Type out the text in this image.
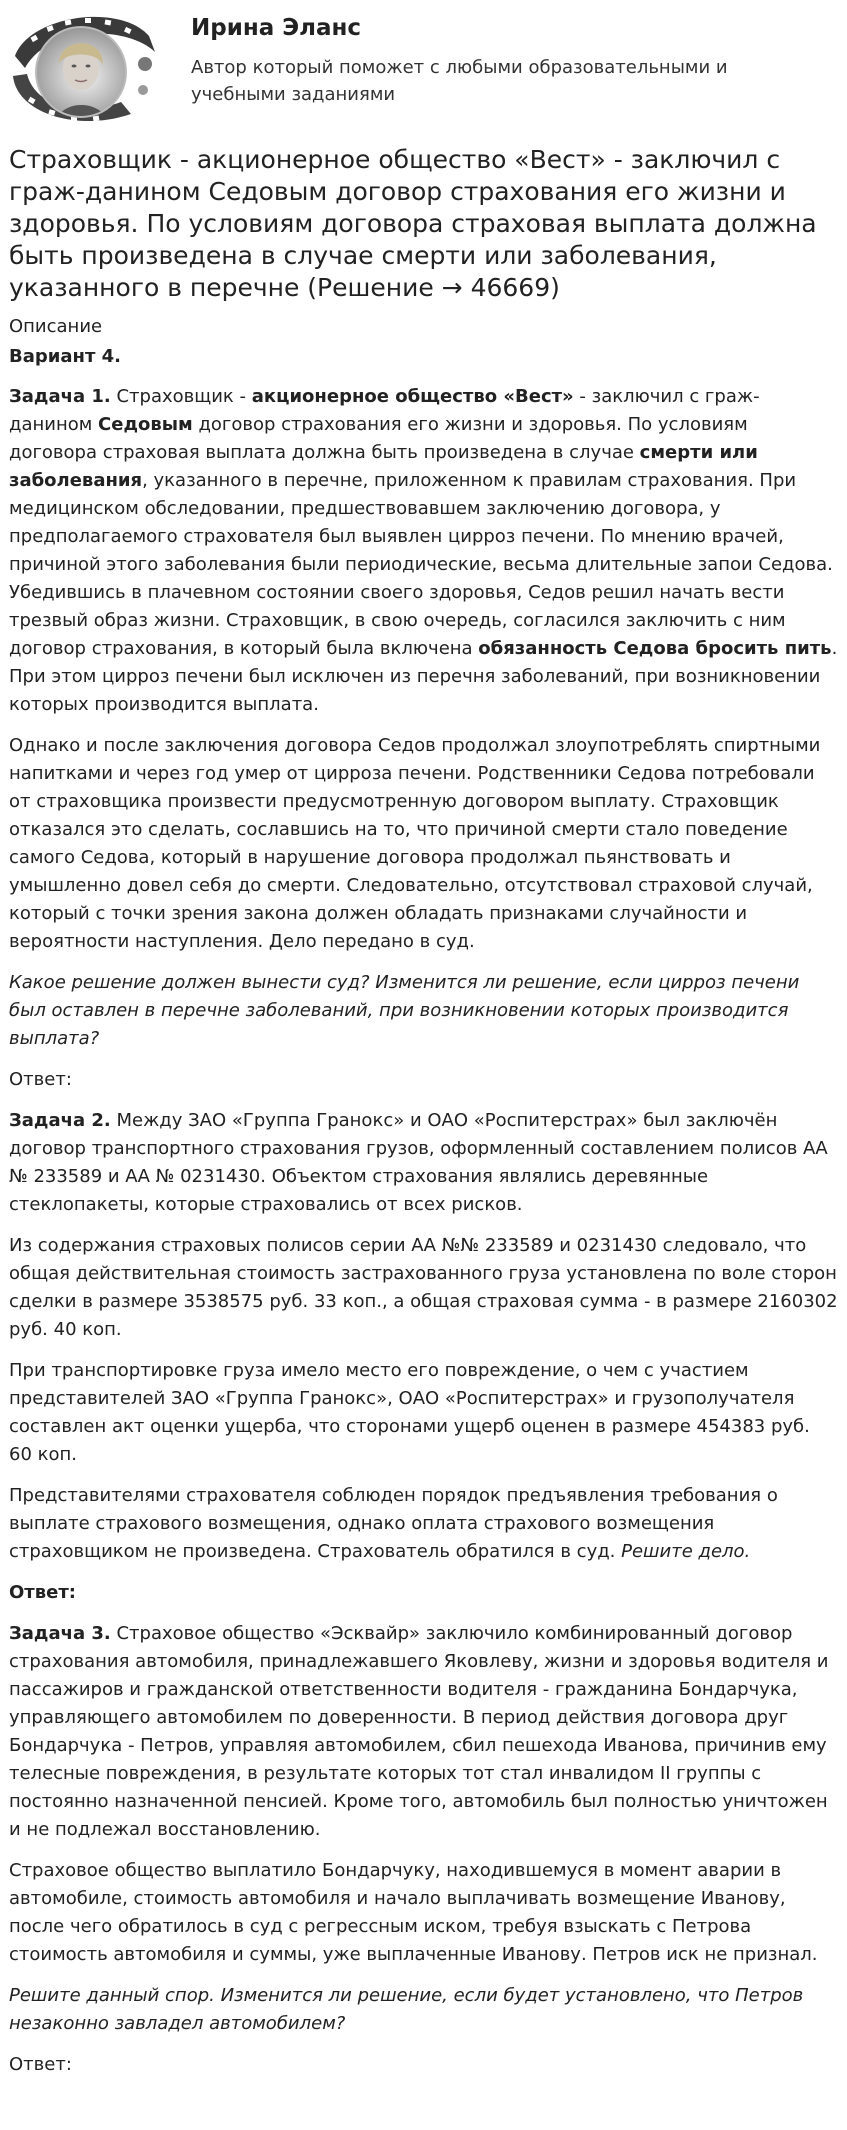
Ирина Эланс
Автор который поможет с любыми образовательными и
учебными заданиями
Страховщик - акционерное общество «Вест» - заключил с граж-данином Седовым договор страхования его жизни и здоровья. По условиям договора страховая выплата должна быть произведена в случае смерти или заболевания, указанного в перечне (Решение → 46669)
Описание
Вариант 4.

Задача 1. Страховщик - акционерное общество «Вест» - заключил с граж-данином Седовым договор страхования его жизни и здоровья. По условиям договора страховая выплата должна быть произведена в случае смерти или заболевания, указанного в перечне, приложенном к правилам страхования. При медицинском обследовании, предшествовавшем заключению договора, у предполагаемого страхователя был выявлен цирроз печени. По мнению врачей, причиной этого заболевания были периодические, весьма длительные запои Седова. Убедившись в плачевном состоянии своего здоровья, Седов решил начать вести трезвый образ жизни. Страховщик, в свою очередь, согласился заключить с ним договор страхования, в который была включена обязанность Седова бросить пить. При этом цирроз печени был исключен из перечня заболеваний, при возникновении которых производится выплата.

Однако и после заключения договора Седов продолжал злоупотреблять спиртными напитками и через год умер от цирроза печени. Родственники Седова потребовали от страховщика произвести предусмотренную договором выплату. Страховщик отказался это сделать, сославшись на то, что причиной смерти стало поведение самого Седова, который в нарушение договора продолжал пьянствовать и умышленно довел себя до смерти. Следовательно, отсутствовал страховой случай, который с точки зрения закона должен обладать признаками случайности и вероятности наступления. Дело передано в суд.

Какое решение должен вынести суд? Изменится ли решение, если цирроз печени был оставлен в перечне заболеваний, при возникновении которых производится выплата?

Ответ:

Задача 2. Между ЗАО «Группа Гранокс» и ОАО «Роспитерстрах» был заключён договор транспортного страхования грузов, оформленный составлением полисов АА № 233589 и АА № 0231430. Объектом страхования являлись деревянные стеклопакеты, которые страховались от всех рисков.

Из содержания страховых полисов серии АА №№ 233589 и 0231430 следовало, что общая действительная стоимость застрахованного груза установлена по воле сторон сделки в размере 3538575 руб. 33 коп., а общая страховая сумма - в размере 2160302 руб. 40 коп.

При транспортировке груза имело место его повреждение, о чем с участием представителей ЗАО «Группа Гранокс», ОАО «Роспитерстрах» и грузополучателя составлен акт оценки ущерба, что сторонами ущерб оценен в размере 454383 руб. 60 коп.

Представителями страхователя соблюден порядок предъявления требования о выплате страхового возмещения, однако оплата страхового возмещения страховщиком не произведена. Страхователь обратился в суд. Решите дело.

Ответ:

Задача 3. Страховое общество «Эсквайр» заключило комбинированный договор страхования автомобиля, принадлежавшего Яковлеву, жизни и здоровья водителя и пассажиров и гражданской ответственности водителя - гражданина Бондарчука, управляющего автомобилем по доверенности. В период действия договора друг Бондарчука - Петров, управляя автомобилем, сбил пешехода Иванова, причинив ему телесные повреждения, в результате которых тот стал инвалидом II группы с постоянно назначенной пенсией. Кроме того, автомобиль был полностью уничтожен и не подлежал восстановлению.

Страховое общество выплатило Бондарчуку, находившемуся в момент аварии в автомобиле, стоимость автомобиля и начало выплачивать возмещение Иванову, после чего обратилось в суд с регрессным иском, требуя взыскать с Петрова стоимость автомобиля и суммы, уже выплаченные Иванову. Петров иск не признал.

Решите данный спор. Изменится ли решение, если будет установлено, что Петров незаконно завладел автомобилем?

Ответ:
